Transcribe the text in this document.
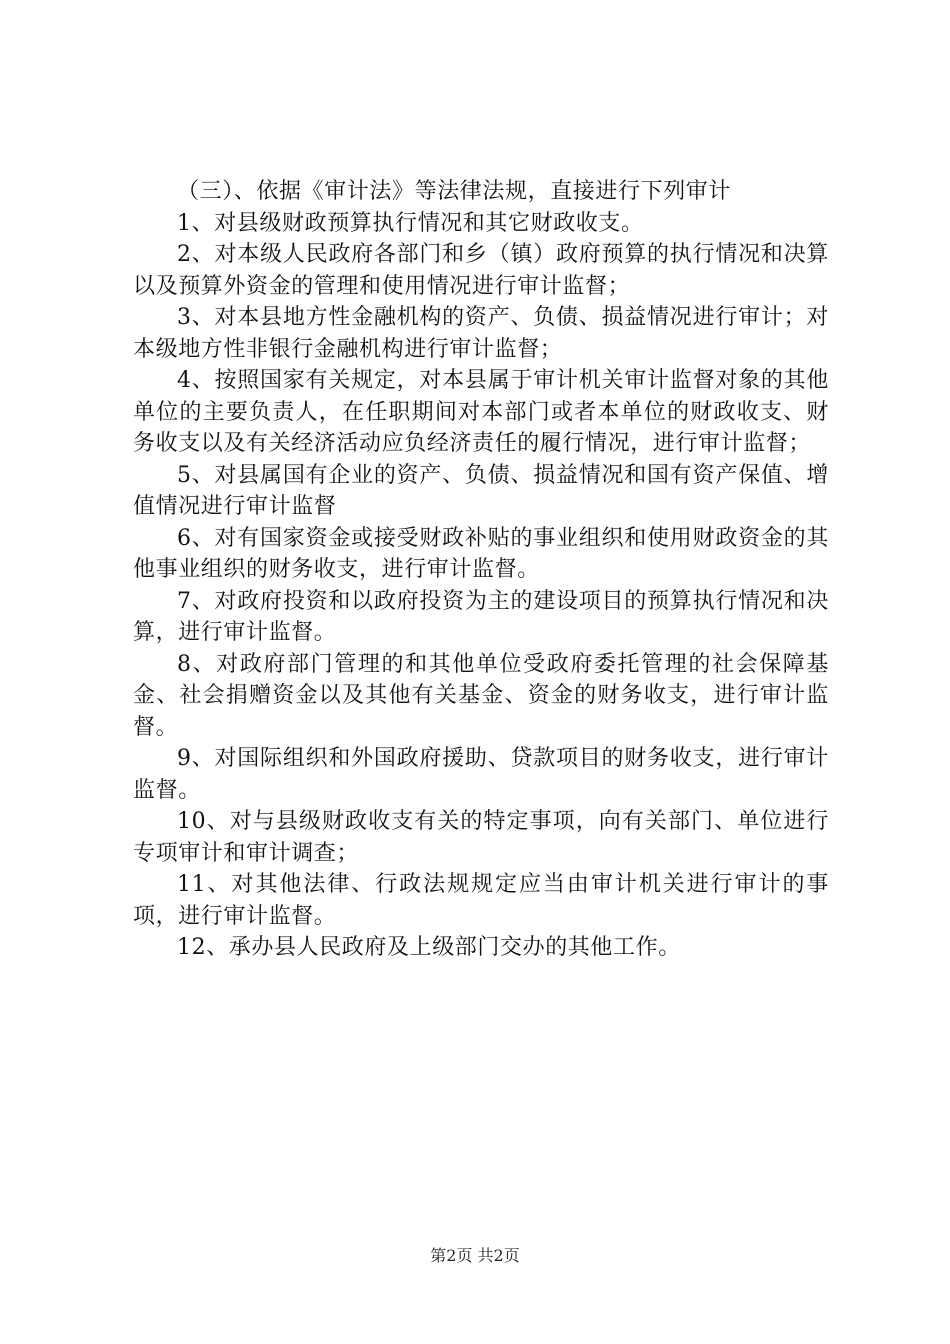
（三）、依据《审计法》等法律法规，直接进行下列审计

1、对县级财政预算执行情况和其它财政收支。

2、对本级人民政府各部门和乡（镇）政府预算的执行情况和决算以及预算外资金的管理和使用情况进行审计监督；

3、对本县地方性金融机构的资产、负债、损益情况进行审计；对本级地方性非银行金融机构进行审计监督；

4、按照国家有关规定，对本县属于审计机关审计监督对象的其他单位的主要负责人，在任职期间对本部门或者本单位的财政收支、财务收支以及有关经济活动应负经济责任的履行情况，进行审计监督；

5、对县属国有企业的资产、负债、损益情况和国有资产保值、增值情况进行审计监督

6、对有国家资金或接受财政补贴的事业组织和使用财政资金的其他事业组织的财务收支，进行审计监督。

7、对政府投资和以政府投资为主的建设项目的预算执行情况和决算，进行审计监督。

8、对政府部门管理的和其他单位受政府委托管理的社会保障基金、社会捐赠资金以及其他有关基金、资金的财务收支，进行审计监督。

9、对国际组织和外国政府援助、贷款项目的财务收支，进行审计监督。

10、对与县级财政收支有关的特定事项，向有关部门、单位进行专项审计和审计调查；

11、对其他法律、行政法规规定应当由审计机关进行审计的事项，进行审计监督。

12、承办县人民政府及上级部门交办的其他工作。

第2页 共2页
